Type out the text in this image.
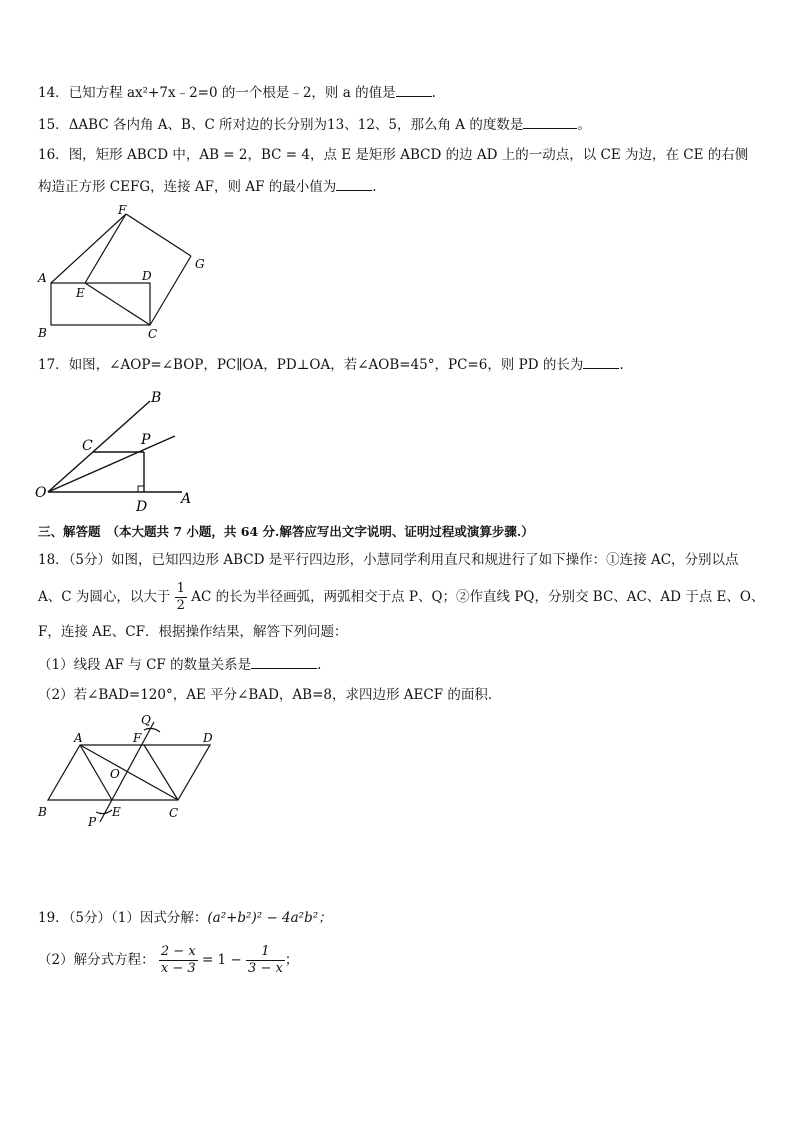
14．已知方程 ax²+7x﹣2=0 的一个根是﹣2，则 a 的值是	.
15．ΔABC 各内角 A、B、C 所对边的长分别为13、12、5，那么角 A 的度数是	。
16．图，矩形 ABCD 中，AB = 2，BC = 4，点 E 是矩形 ABCD 的边 AD 上的一动点，以 CE 为边，在 CE 的右侧
构造正方形 CEFG，连接 AF，则 AF 的最小值为	.
F
G
A	D
E
B	C
17．如图，∠AOP=∠BOP，PC∥OA，PD⊥OA，若∠AOB=45°，PC=6，则 PD 的长为	.
B
C	P
O
D A
三、解答题 （本大题共 7 小题，共 64 分.解答应写出文字说明、证明过程或演算步骤.）
18．（5分）如图，已知四边形 ABCD 是平行四边形，小慧同学利用直尺和规进行了如下操作：①连接 AC，分别以点
A、C 为圆心，以大于 $\frac{1}{2}$ AC 的长为半径画弧，两弧相交于点 P、Q；②作直线 PQ，分别交 BC、AC、AD 于点 E、O、
F，连接 AE、CF．根据操作结果，解答下列问题：
（1）线段 AF 与 CF 的数量关系是	.
（2）若∠BAD=120°，AE 平分∠BAD，AB=8，求四边形 AECF 的面积．
Q
A	F	D
O
B	E	C
P
19．（5分）（1）因式分解：(a²+b²)² − 4a²b²；
（2）解分式方程： $\frac{2 - x}{x - 3} = 1 - \frac{1}{3 - x}$ ；
